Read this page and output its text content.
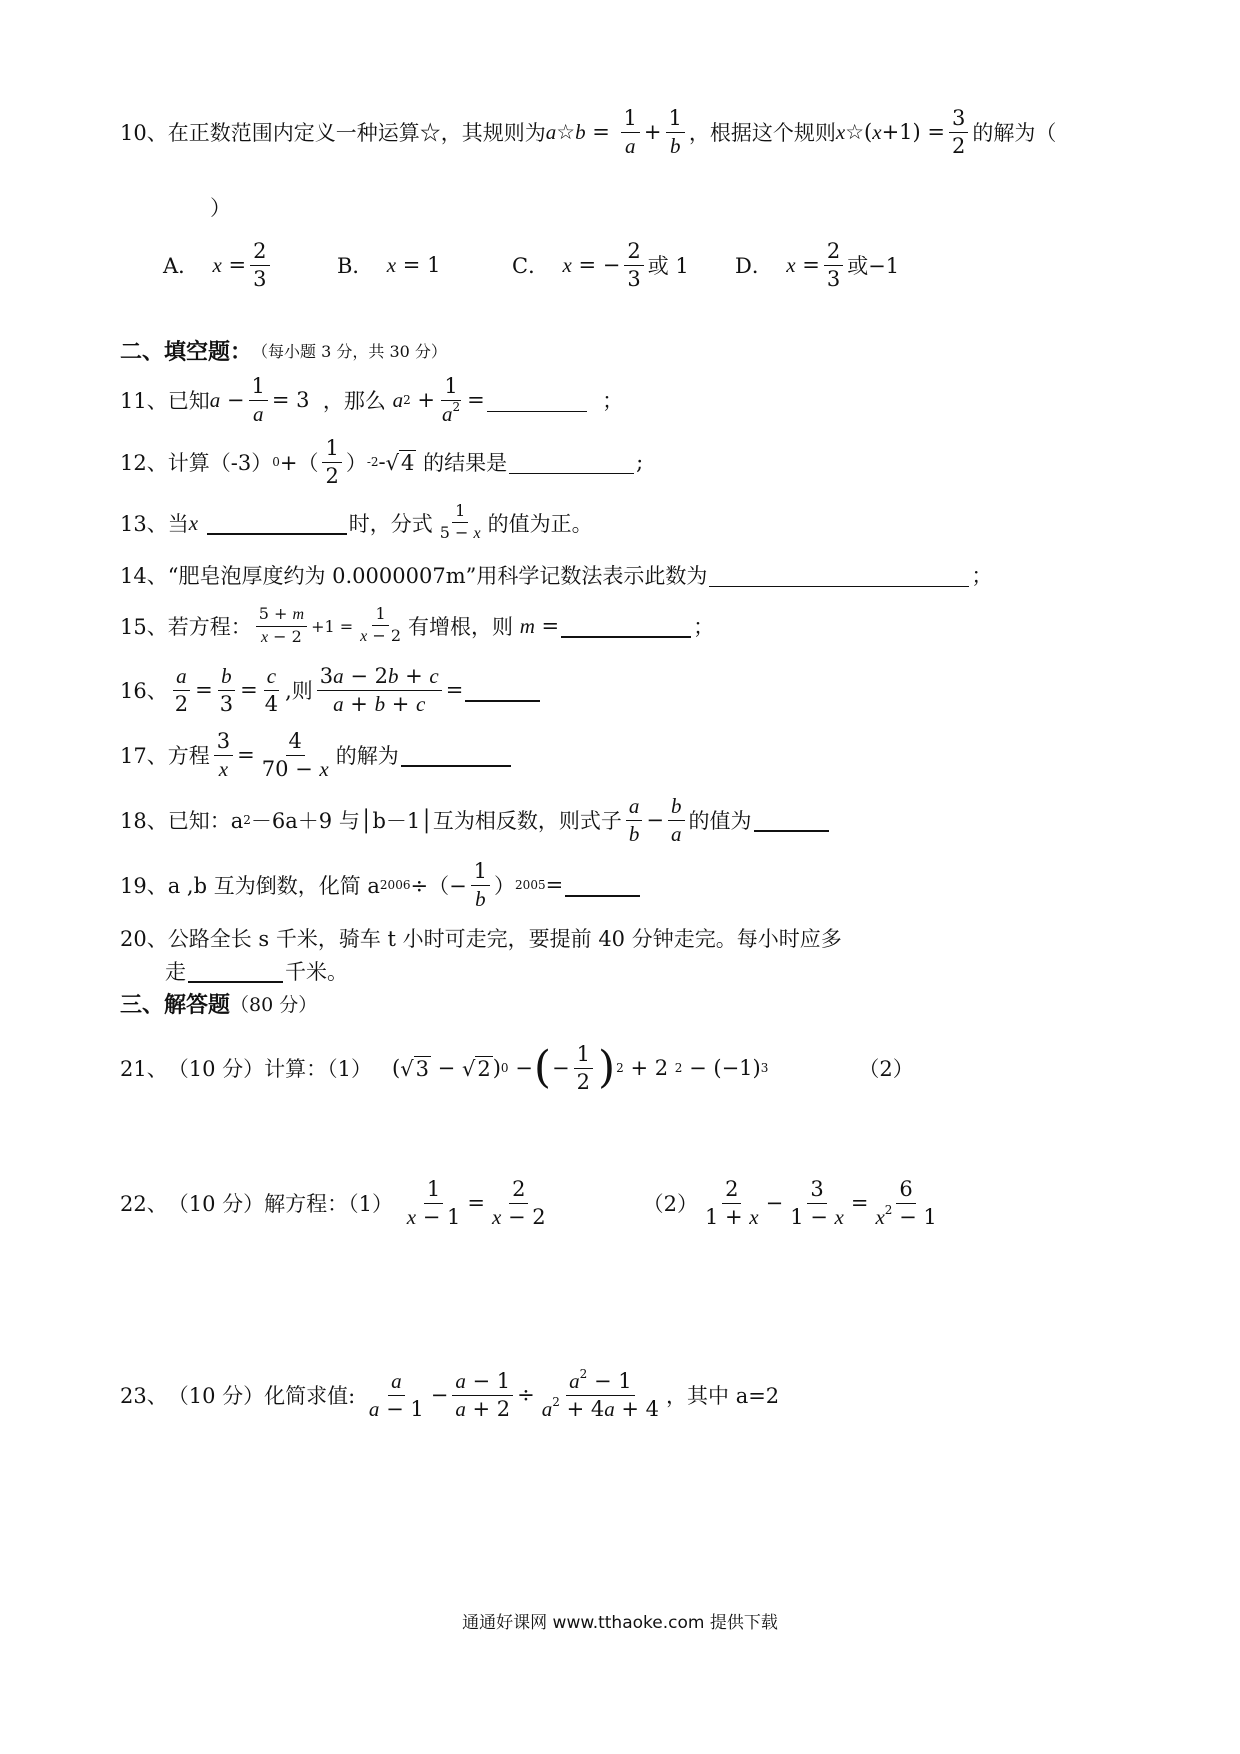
10、 在正数范围内定义一种运算☆，其规则为 a ☆ $b = \frac{1}{a} + \frac{1}{b}$ ，根据这个规则 x ☆( $x +1) = \frac{3}{2}$ 的解为（
）
A．
$x = \frac{2}{3}$	B．
x = 1	C．
x = − $\frac{2}{3}$ 或 1 D．
$x = \frac{2}{3}$ 或−1
二、填空题： （每小题 3 分，共 30 分）
11、 已知 $a - \frac{1}{a} = 3$ ，那么
a $2 + \frac{1}{a^2}$ =
	；
12、 计算（-3） 0 +（ $\frac{1}{2}$ ） -2 - √ 4
的结果是	;
13、 当 x
	时，分式 $\frac{1}{5 - x}$ 的值为正。
14、 “肥皂泡厚度约为 0.0000007m”用科学记数法表示此数为	；
15、 若方程： $\frac{5 + m}{x - 2} +1 = \frac{1}{x - 2}$ 有增根，则
m =	；
16、 $\frac{a}{2} = \frac{b}{3} = \frac{c}{4}$ ,则 $\frac{3a - 2b + c}{a + b + c}$ =
17、 方程 $\frac{3}{x} = \frac{4}{70 - x}$ 的解为
18、 已知：a 2 －6a＋9 与│b－1│互为相反数，则式子 $\frac{a}{b} - \frac{b}{a}$ 的值为
19、 a ,b 互为倒数，化简 a 2006 ÷（− $\frac{1}{b}$ ） 2005 =
20、 公路全长 s 千米，骑车 t 小时可走完，要提前 40 分钟走完。每小时应多
走	千米。
三、解答题 （80 分）
21、 （10 分）计算：（1）
( √ 3 − √ 2 ) 0 − ( − $\frac{1}{2}$ ) 2 + 2 2 − (−1) 3	（2）
22、 （10 分）解方程：（1）
$\frac{1}{x - 1} = \frac{2}{x - 2}$	$(2) \frac{2}{1 + x} - \frac{3}{1 - x} = \frac{6}{x^2 - 1}$
23、 （10 分）化简求值:
$\frac{a}{a - 1} - \frac{a - 1}{a + 2} \div \frac{a^2 - 1}{a^2 + 4a + 4}$ ，其中 a=2
通通好课网 www.tthaoke.com 提供下载
